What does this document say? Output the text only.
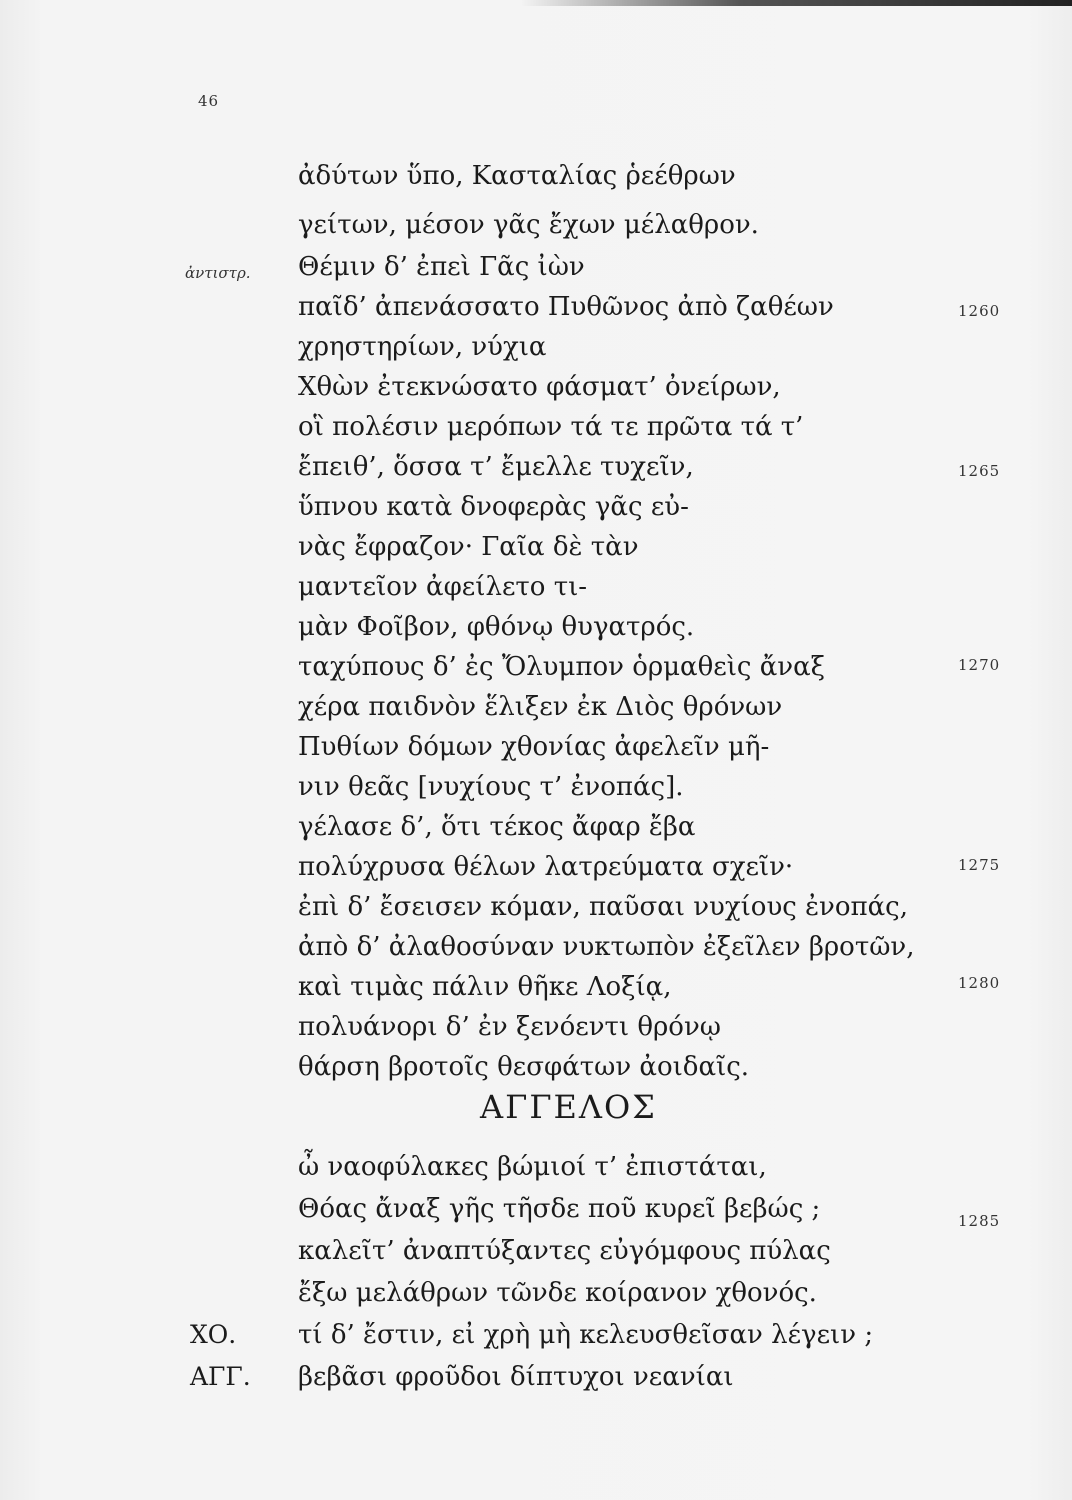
46
ἀδύτων ὕπο, Κασταλίας ῥεέθρων
γείτων, μέσον γᾶς ἔχων μέλαθρον.
ἀντιστρ. Θέμιν δ’ ἐπεὶ Γᾶς ἰὼν
παῖδ’ ἀπενάσσατο Πυθῶνος ἀπὸ ζαθέων
χρηστηρίων, νύχια
Χθὼν ἐτεκνώσατο φάσματ’ ὀνείρων,
οἳ πολέσιν μερόπων τά τε πρῶτα τά τ’
ἔπειθ’, ὅσσα τ’ ἔμελλε τυχεῖν,
ὕπνου κατὰ δνοφερὰς γᾶς εὐ-
νὰς ἔφραζον· Γαῖα δὲ τὰν
μαντεῖον ἀφείλετο τι-
μὰν Φοῖβον, φθόνῳ θυγατρός.
ταχύπους δ’ ἐς Ὄλυμπον ὁρμαθεὶς ἄναξ
χέρα παιδνὸν ἕλιξεν ἐκ Διὸς θρόνων
Πυθίων δόμων χθονίας ἀφελεῖν μῆ-
νιν θεᾶς [νυχίους τ’ ἐνοπάς].
γέλασε δ’, ὅτι τέκος ἄφαρ ἔβα
πολύχρυσα θέλων λατρεύματα σχεῖν·
ἐπὶ δ’ ἔσεισεν κόμαν, παῦσαι νυχίους ἐνοπάς,
ἀπὸ δ’ ἀλαθοσύναν νυκτωπὸν ἐξεῖλεν βροτῶν,
καὶ τιμὰς πάλιν θῆκε Λοξίᾳ,
πολυάνορι δ’ ἐν ξενόεντι θρόνῳ
θάρση βροτοῖς θεσφάτων ἀοιδαῖς.
ΑΓΓΕΛΟΣ
ὦ ναοφύλακες βώμιοί τ’ ἐπιστάται,
Θόας ἄναξ γῆς τῆσδε ποῦ κυρεῖ βεβώς ;
καλεῖτ’ ἀναπτύξαντες εὐγόμφους πύλας
ἔξω μελάθρων τῶνδε κοίρανον χθονός.
ΧΟ. τί δ’ ἔστιν, εἰ χρὴ μὴ κελευσθεῖσαν λέγειν ;
ΑΓΓ. βεβᾶσι φροῦδοι δίπτυχοι νεανίαι
1260
1265
1270
1275
1280
1285
